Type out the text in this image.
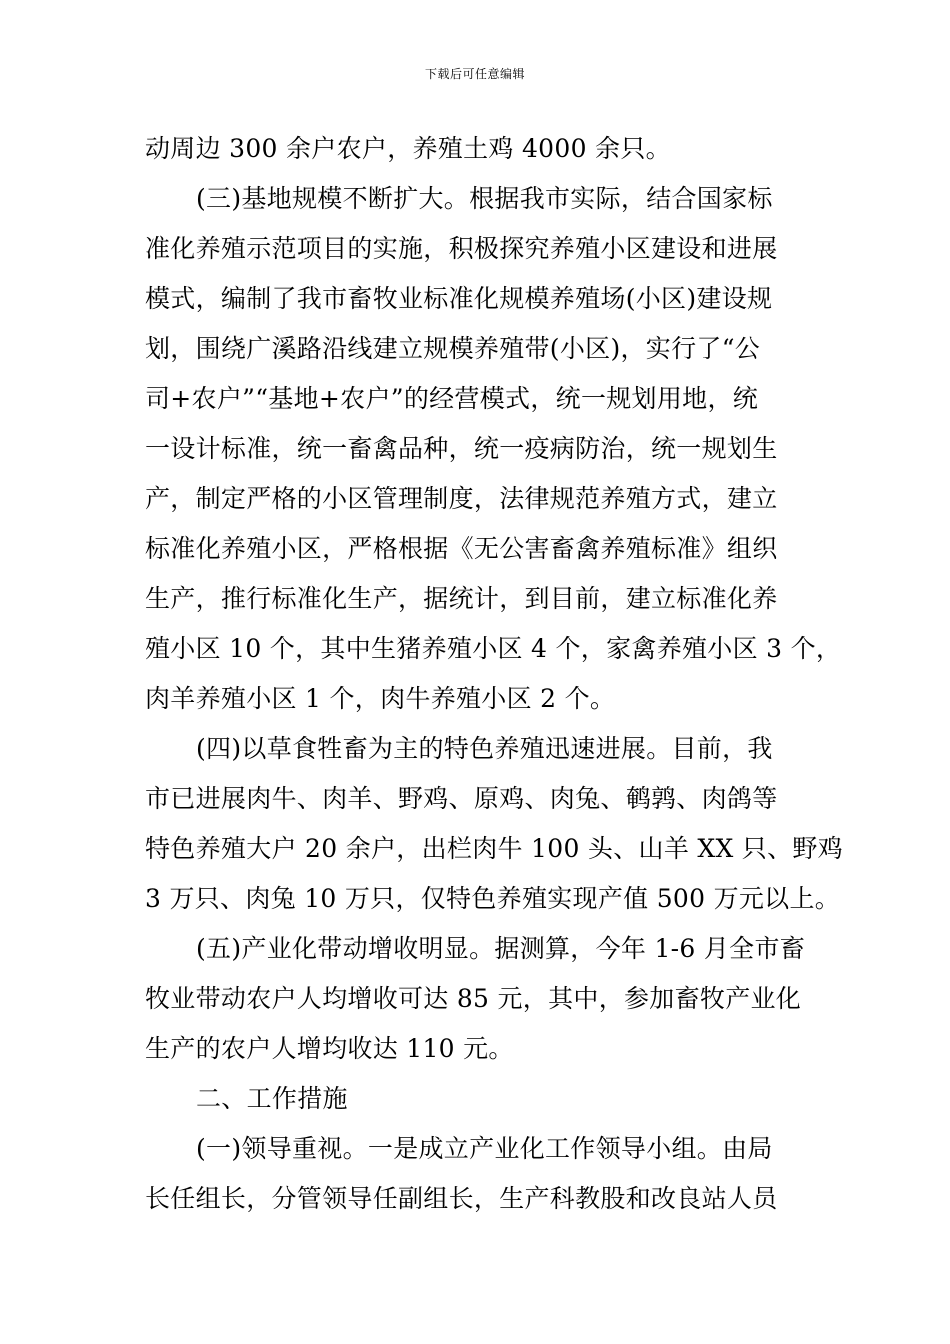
下载后可任意编辑
动周边 300 余户农户，养殖土鸡 4000 余只。
(三)基地规模不断扩大。根据我市实际，结合国家标
准化养殖示范项目的实施，积极探究养殖小区建设和进展
模式，编制了我市畜牧业标准化规模养殖场(小区)建设规
划，围绕广溪路沿线建立规模养殖带(小区)，实行了“公
司+农户”“基地+农户”的经营模式，统一规划用地，统
一设计标准，统一畜禽品种，统一疫病防治，统一规划生
产，制定严格的小区管理制度，法律规范养殖方式，建立
标准化养殖小区，严格根据《无公害畜禽养殖标准》组织
生产，推行标准化生产，据统计，到目前，建立标准化养
殖小区 10 个，其中生猪养殖小区 4 个，家禽养殖小区 3 个，
肉羊养殖小区 1 个，肉牛养殖小区 2 个。
(四)以草食牲畜为主的特色养殖迅速进展。目前，我
市已进展肉牛、肉羊、野鸡、原鸡、肉兔、鹌鹑、肉鸽等
特色养殖大户 20 余户，出栏肉牛 100 头、山羊 XX 只、野鸡
3 万只、肉兔 10 万只，仅特色养殖实现产值 500 万元以上。
(五)产业化带动增收明显。据测算，今年 1-6 月全市畜
牧业带动农户人均增收可达 85 元，其中，参加畜牧产业化
生产的农户人增均收达 110 元。
二、工作措施
(一)领导重视。一是成立产业化工作领导小组。由局
长任组长，分管领导任副组长，生产科教股和改良站人员
